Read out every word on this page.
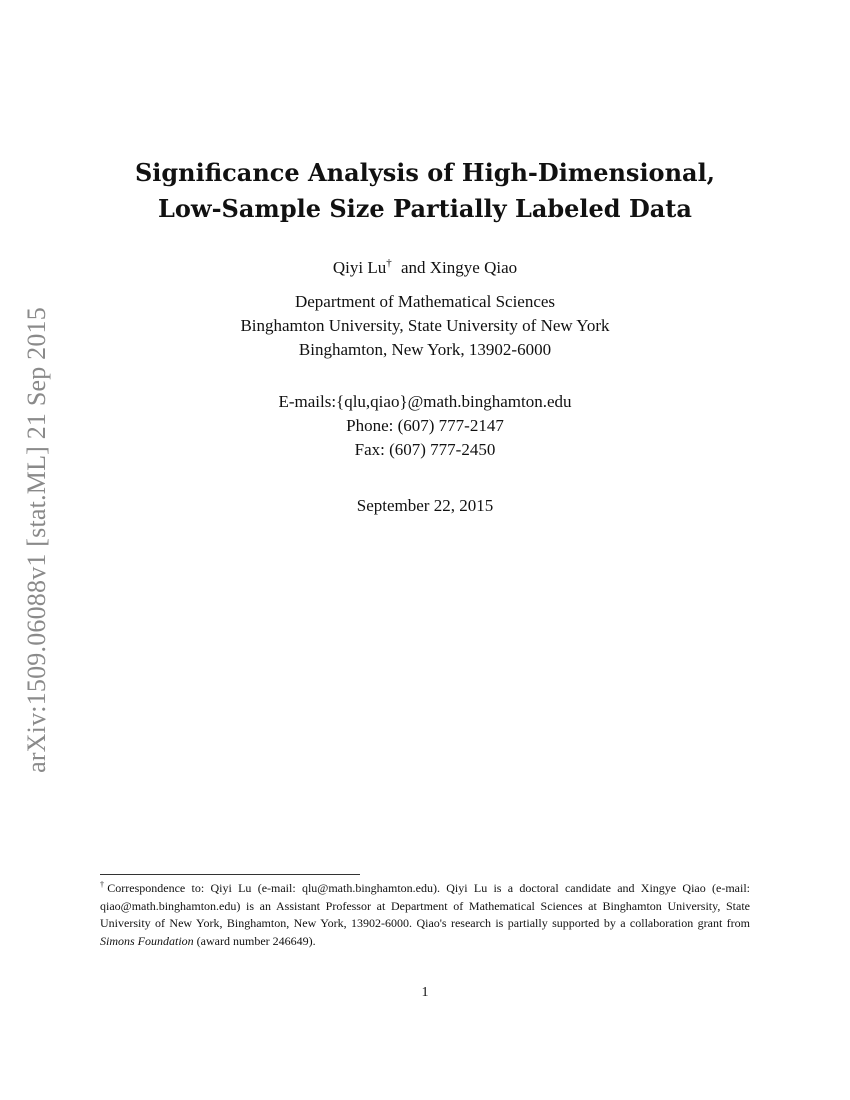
arXiv:1509.06088v1 [stat.ML] 21 Sep 2015
Significance Analysis of High-Dimensional,
Low-Sample Size Partially Labeled Data
Qiyi Lu† and Xingye Qiao
Department of Mathematical Sciences
Binghamton University, State University of New York
Binghamton, New York, 13902-6000
E-mails:{qlu,qiao}@math.binghamton.edu
Phone: (607) 777-2147
Fax: (607) 777-2450
September 22, 2015
†Correspondence to: Qiyi Lu (e-mail: qlu@math.binghamton.edu). Qiyi Lu is a doctoral candidate and Xingye Qiao (e-mail: qiao@math.binghamton.edu) is an Assistant Professor at Department of Mathematical Sciences at Binghamton University, State University of New York, Binghamton, New York, 13902-6000. Qiao's research is partially supported by a collaboration grant from Simons Foundation (award number 246649).
1
